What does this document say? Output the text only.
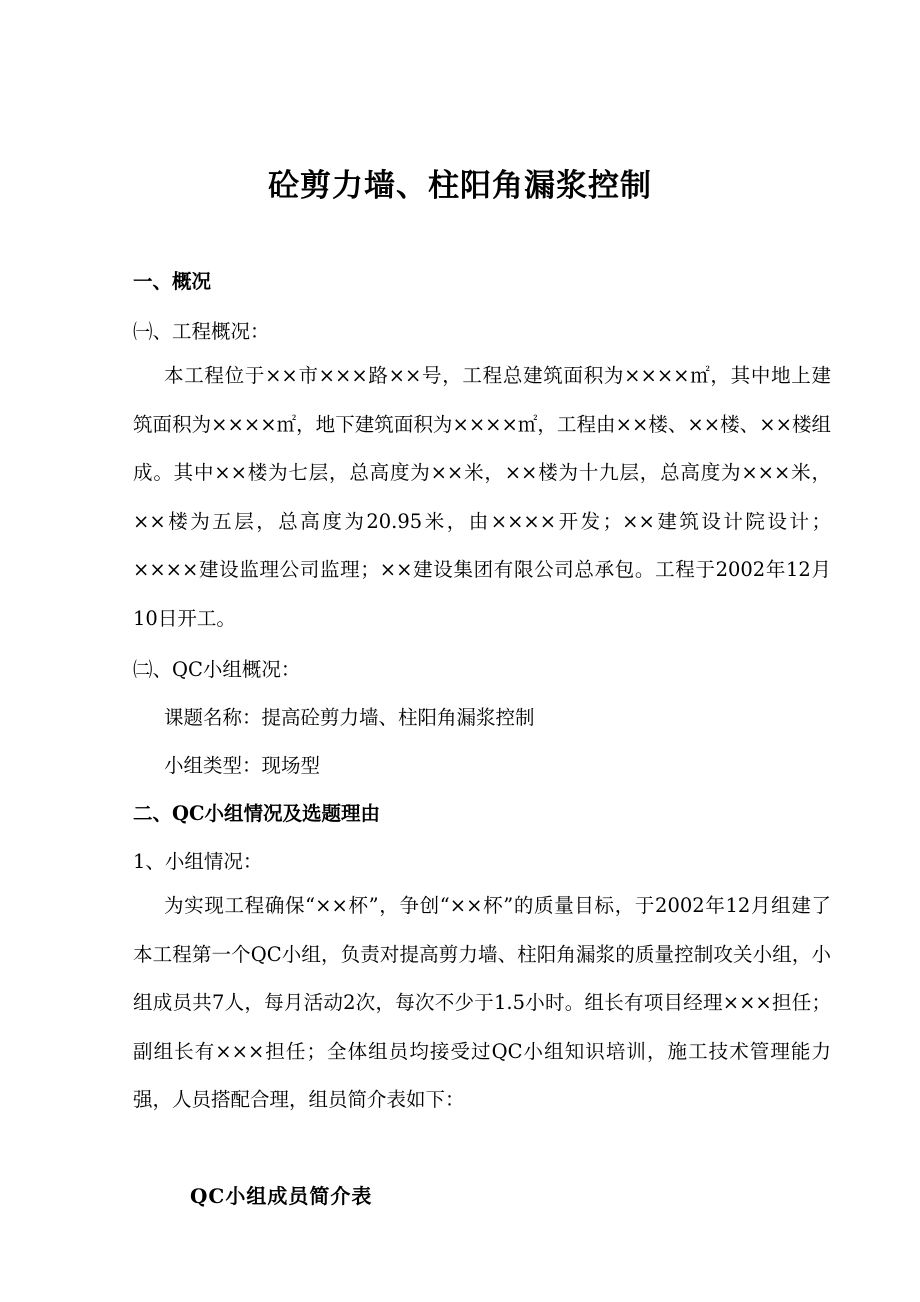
砼剪力墙、柱阳角漏浆控制
一、概况
㈠、工程概况：

本工程位于××市×××路××号，工程总建筑面积为××××㎡，其中地上建筑面积为××××㎡，地下建筑面积为××××㎡，工程由××楼、××楼、××楼组成。其中××楼为七层，总高度为××米，××楼为十九层，总高度为×××米，××楼为五层，总高度为20.95米，由××××开发；××建筑设计院设计；××××建设监理公司监理；××建设集团有限公司总承包。工程于2002年12月10日开工。

㈡、QC小组概况：
课题名称：提高砼剪力墙、柱阳角漏浆控制
小组类型：现场型
二、QC小组情况及选题理由
1、小组情况：

为实现工程确保“××杯”，争创“××杯”的质量目标，于2002年12月组建了本工程第一个QC小组，负责对提高剪力墙、柱阳角漏浆的质量控制攻关小组，小组成员共7人，每月活动2次，每次不少于1.5小时。组长有项目经理×××担任；副组长有×××担任；全体组员均接受过QC小组知识培训，施工技术管理能力强，人员搭配合理，组员简介表如下：

QC小组成员简介表
